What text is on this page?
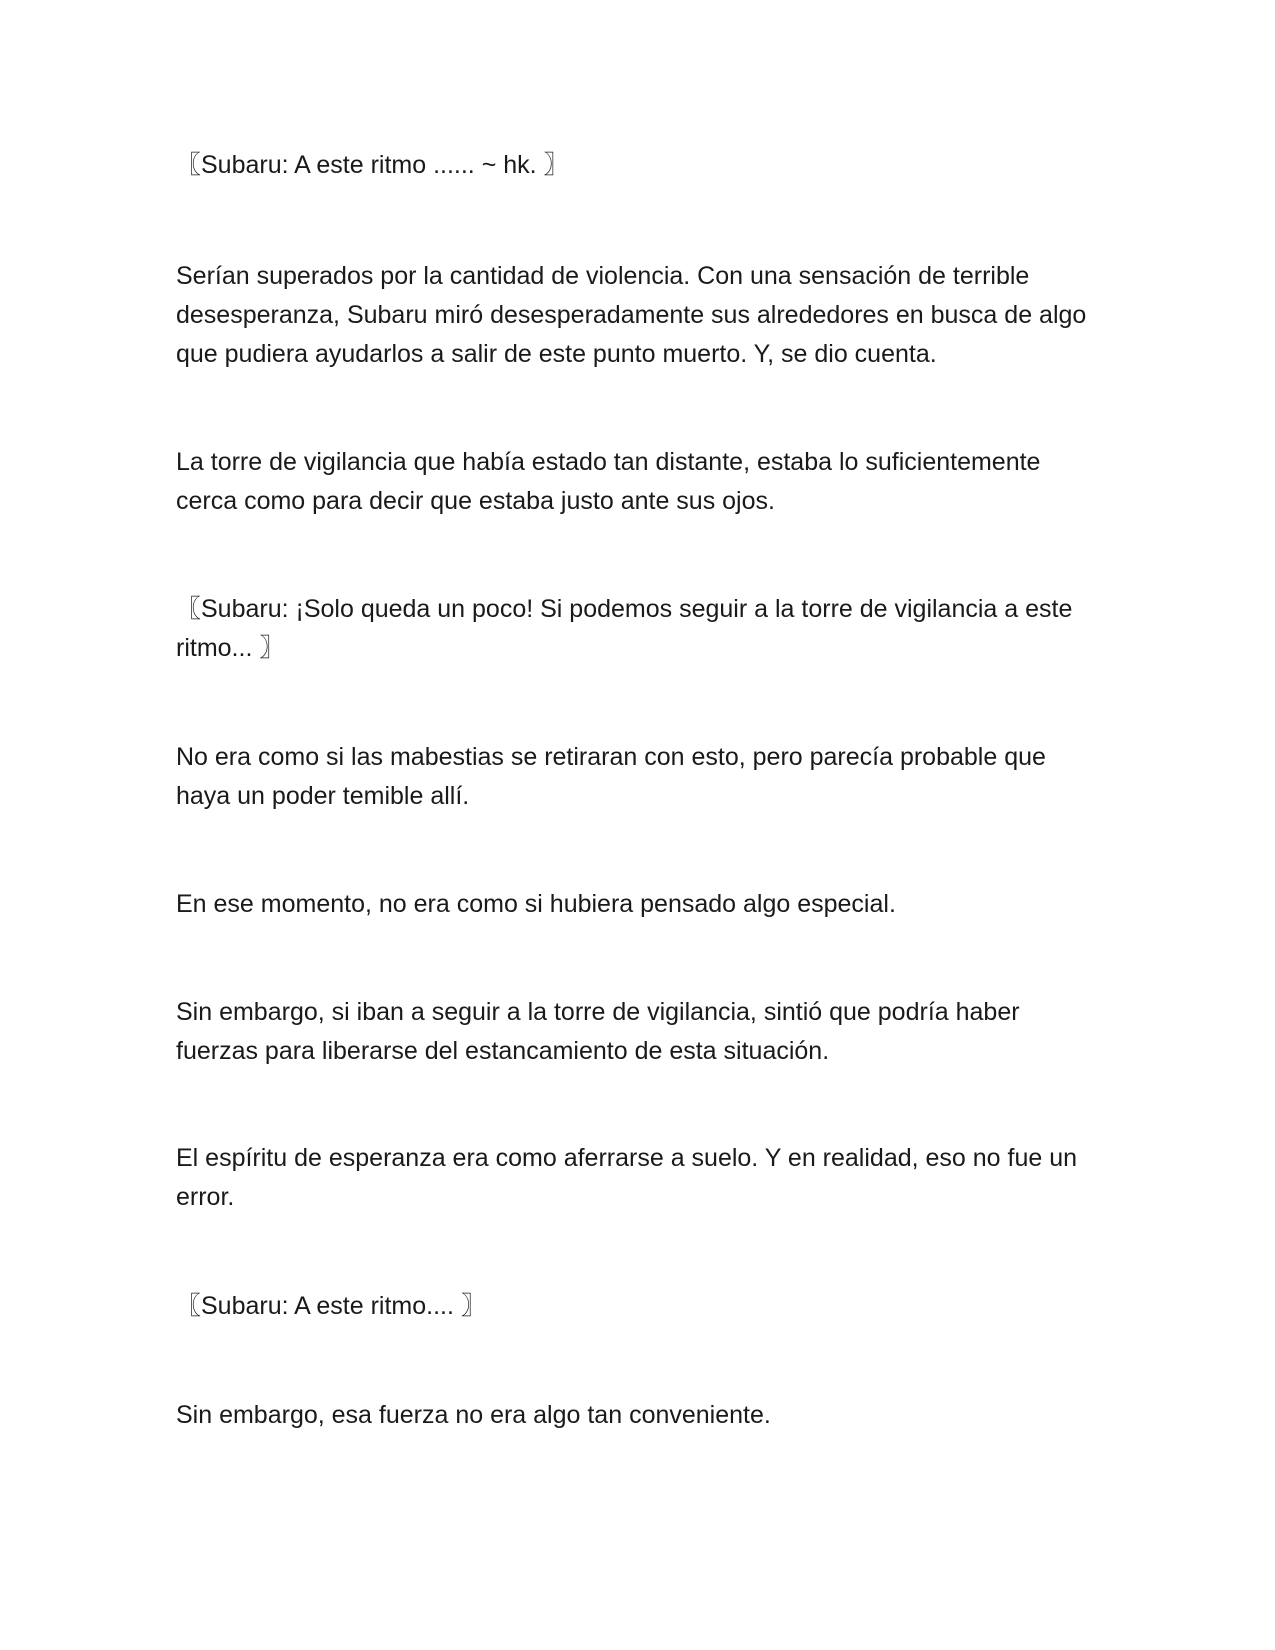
〖Subaru: A este ritmo ...... ~ hk. 〗

Serían superados por la cantidad de violencia. Con una sensación de terrible desesperanza, Subaru miró desesperadamente sus alrededores en busca de algo que pudiera ayudarlos a salir de este punto muerto. Y, se dio cuenta.

La torre de vigilancia que había estado tan distante, estaba lo suficientemente cerca como para decir que estaba justo ante sus ojos.

〖Subaru: ¡Solo queda un poco! Si podemos seguir a la torre de vigilancia a este ritmo... 〗

No era como si las mabestias se retiraran con esto, pero parecía probable que haya un poder temible allí.

En ese momento, no era como si hubiera pensado algo especial.

Sin embargo, si iban a seguir a la torre de vigilancia, sintió que podría haber fuerzas para liberarse del estancamiento de esta situación.

El espíritu de esperanza era como aferrarse a suelo. Y en realidad, eso no fue un error.

〖Subaru: A este ritmo.... 〗

Sin embargo, esa fuerza no era algo tan conveniente.
